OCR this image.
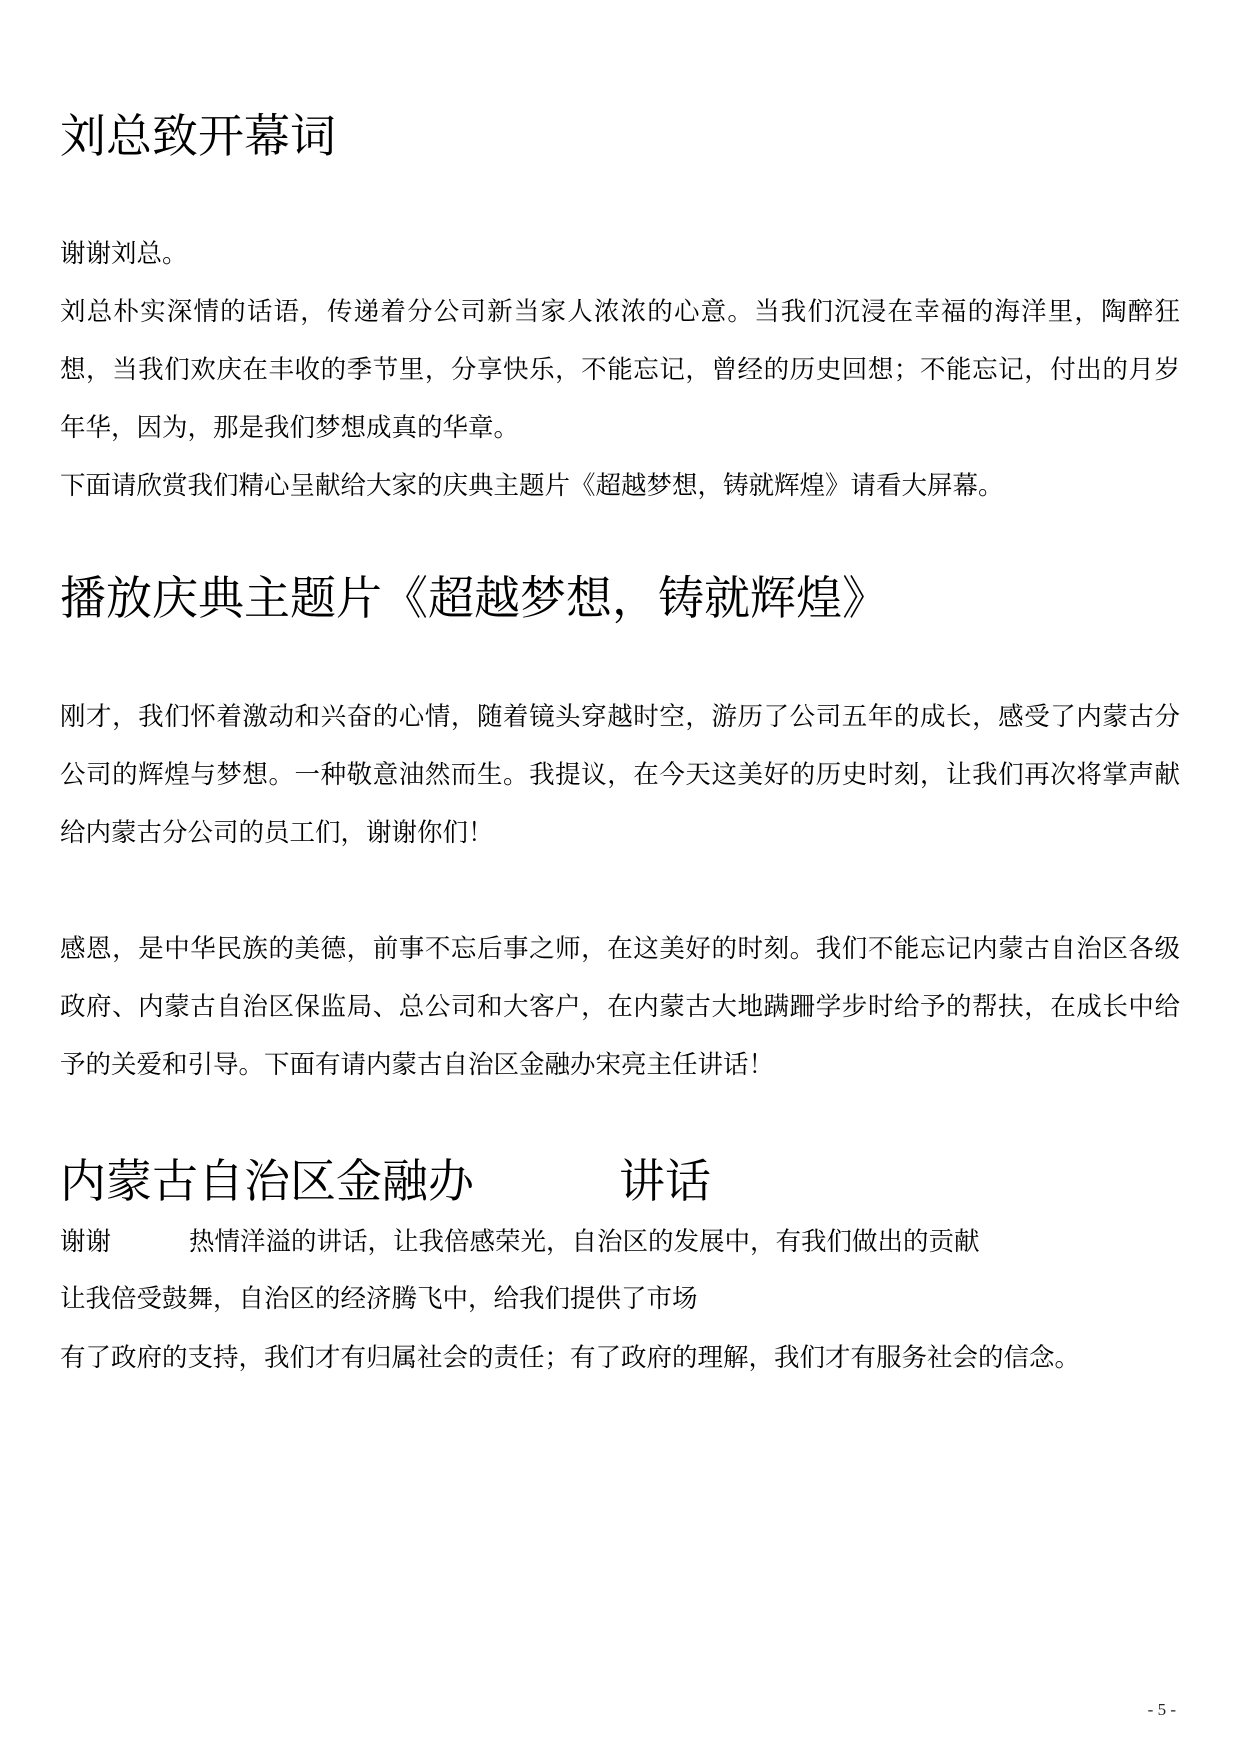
刘总致开幕词

谢谢刘总。

刘总朴实深情的话语，传递着分公司新当家人浓浓的心意。当我们沉浸在幸福的海洋里，陶醉狂想，当我们欢庆在丰收的季节里，分享快乐，不能忘记，曾经的历史回想；不能忘记，付出的月岁年华，因为，那是我们梦想成真的华章。

下面请欣赏我们精心呈献给大家的庆典主题片《超越梦想，铸就辉煌》请看大屏幕。

播放庆典主题片《超越梦想，铸就辉煌》

刚才，我们怀着激动和兴奋的心情，随着镜头穿越时空，游历了公司五年的成长，感受了内蒙古分公司的辉煌与梦想。一种敬意油然而生。我提议，在今天这美好的历史时刻，让我们再次将掌声献给内蒙古分公司的员工们，谢谢你们！

感恩，是中华民族的美德，前事不忘后事之师，在这美好的时刻。我们不能忘记内蒙古自治区各级政府、内蒙古自治区保监局、总公司和大客户，在内蒙古大地蹒跚学步时给予的帮扶，在成长中给予的关爱和引导。下面有请内蒙古自治区金融办宋亮主任讲话！

内蒙古自治区金融办	讲话
谢谢	热情洋溢的讲话，让我倍感荣光，自治区的发展中，有我们做出的贡献
让我倍受鼓舞，自治区的经济腾飞中，给我们提供了市场

有了政府的支持，我们才有归属社会的责任；有了政府的理解，我们才有服务社会的信念。

- 5 -
